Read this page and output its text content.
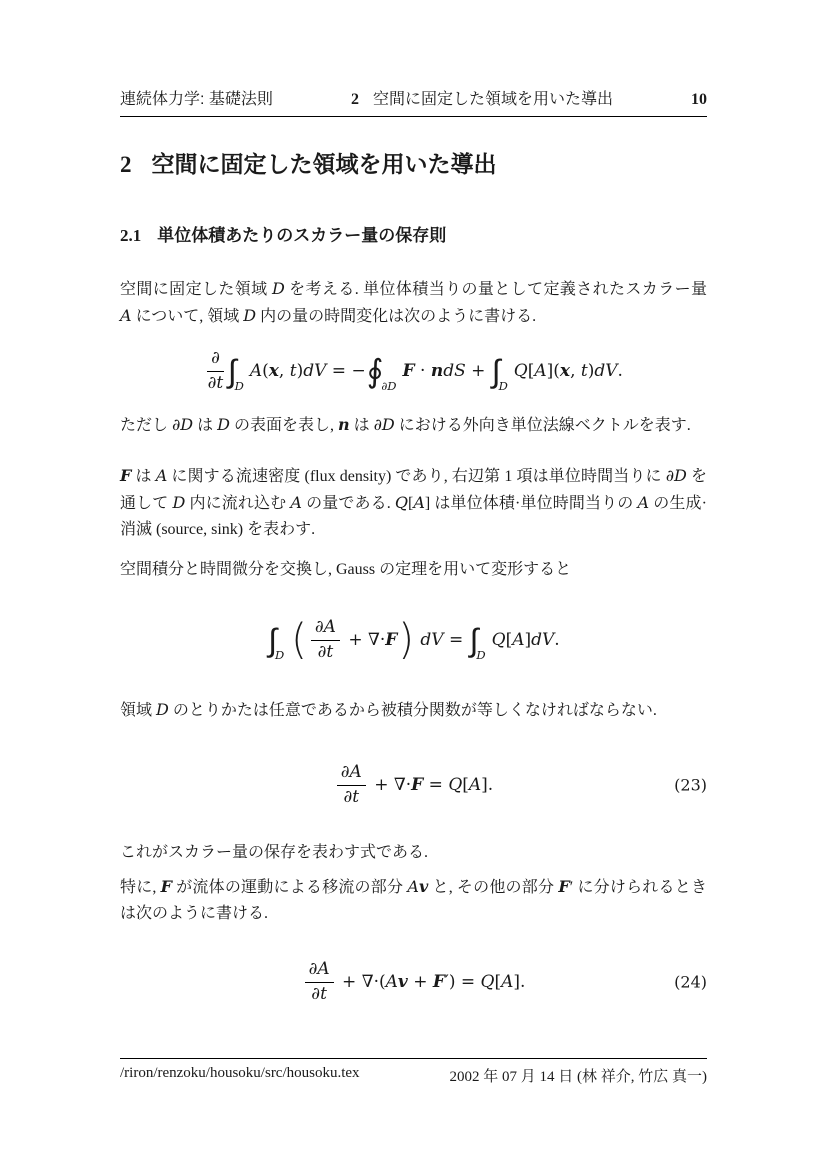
連続体力学: 基礎法則	2 空間に固定した領域を用いた導出	10
2 空間に固定した領域を用いた導出
2.1 単位体積あたりのスカラー量の保存則

空間に固定した領域 D を考える. 単位体積当りの量として定義されたスカラー量 A について, 領域 D 内の量の時間変化は次のように書ける.

$\frac{\partial}{\partial t}$ ∫
D
A ( x , t ) dV = − ∮
∂D
F · n dS + ∫
D
Q [ A ]( x , t ) dV .

ただし ∂D は D の表面を表し, n は ∂D における外向き単位法線ベクトルを表す.

F は A に関する流速密度 (flux density) であり, 右辺第 1 項は単位時間当りに ∂D を通して D 内に流れ込む A の量である. Q[A] は単位体積·単位時間当りの A の生成·消滅 (source, sink) を表わす.

空間積分と時間微分を交換し, Gauss の定理を用いて変形すると

∫
D ( $\frac{\partial A}{\partial t}$ + ∇· F )
dV = ∫
D
Q [ A ] dV .

領域 D のとりかたは任意であるから被積分関数が等しくなければならない.

$\frac{\partial A}{\partial t}$ + ∇· F = Q [ A ].	(23)

これがスカラー量の保存を表わす式である.

特に, F が流体の運動による移流の部分 Av と, その他の部分 F′ に分けられるときは次のように書ける.

$\frac{\partial A}{\partial t}$ + ∇·( A v + F ′ ) = Q [ A ].	(24)
/riron/renzoku/housoku/src/housoku.tex	2002 年 07 月 14 日 (林 祥介, 竹広 真一)
